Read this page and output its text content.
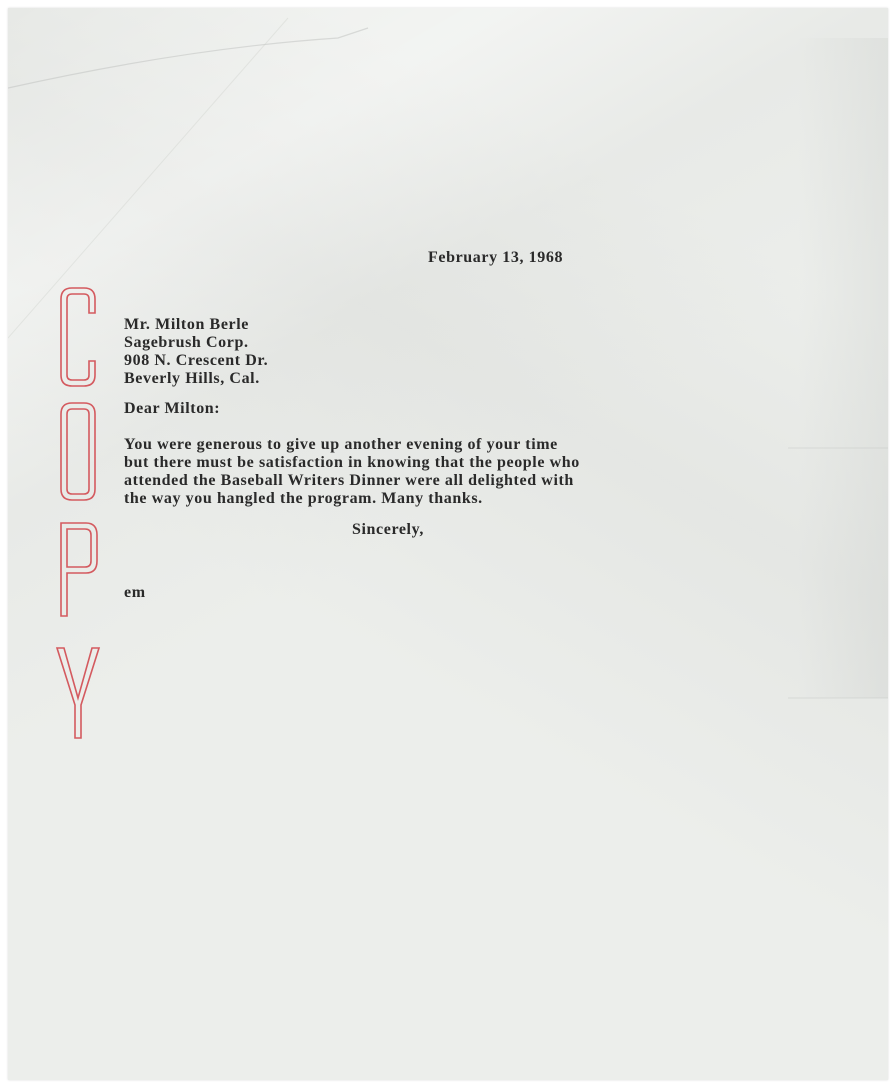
February 13, 1968
Mr. Milton Berle
Sagebrush Corp.
908 N. Crescent Dr.
Beverly Hills, Cal.
Dear Milton:
You were generous to give up another evening of your time
but there must be satisfaction in knowing that the people who
attended the Baseball Writers Dinner were all delighted with
the way you hangled the program. Many thanks.
Sincerely,
em
